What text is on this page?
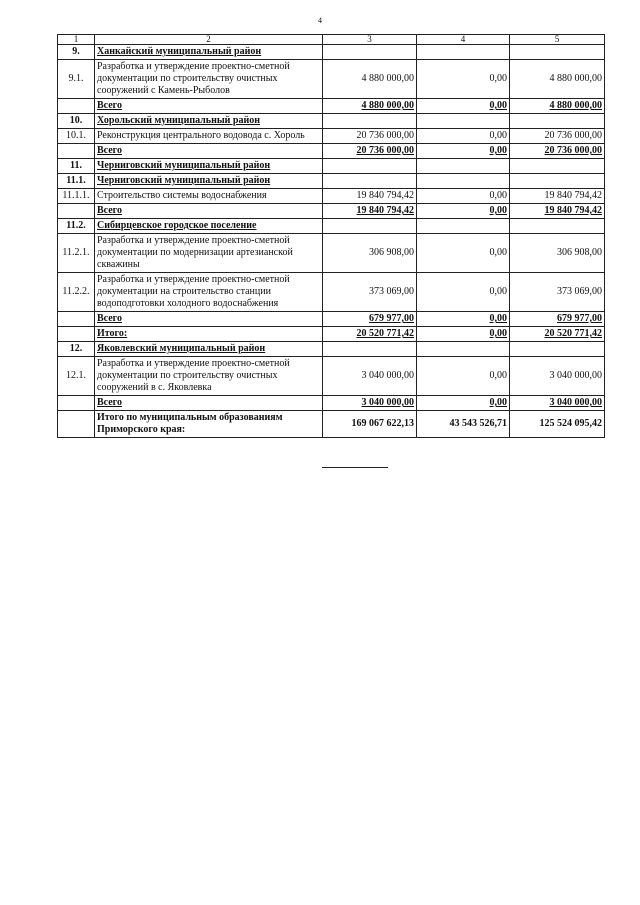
4
1	2	3	4	5
9.	Ханкайский муниципальный район			
9.1.	Разработка и утверждение проектно-сметной документации по строительству очистных сооружений с Камень-Рыболов	4 880 000,00	0,00	4 880 000,00
	Всего	4 880 000,00	0,00	4 880 000,00
10.	Хорольский муниципальный район			
10.1.	Реконструкция центрального водовода с. Хороль	20 736 000,00	0,00	20 736 000,00
	Всего	20 736 000,00	0,00	20 736 000,00
11.	Черниговский муниципальный район			
11.1.	Черниговский муниципальный район			
11.1.1.	Строительство системы водоснабжения	19 840 794,42	0,00	19 840 794,42
	Всего	19 840 794,42	0,00	19 840 794,42
11.2.	Сибирцевское городское поселение			
11.2.1.	Разработка и утверждение проектно-сметной документации по модернизации артезианской скважины	306 908,00	0,00	306 908,00
11.2.2.	Разработка и утверждение проектно-сметной документации на строительство станции водоподготовки холодного водоснабжения	373 069,00	0,00	373 069,00
	Всего	679 977,00	0,00	679 977,00
	Итого:	20 520 771,42	0,00	20 520 771,42
12.	Яковлевский муниципальный район			
12.1.	Разработка и утверждение проектно-сметной документации по строительству очистных сооружений в с. Яковлевка	3 040 000,00	0,00	3 040 000,00
	Всего	3 040 000,00	0,00	3 040 000,00
	Итого по муниципальным образованиям Приморского края:	169 067 622,13	43 543 526,71	125 524 095,42
